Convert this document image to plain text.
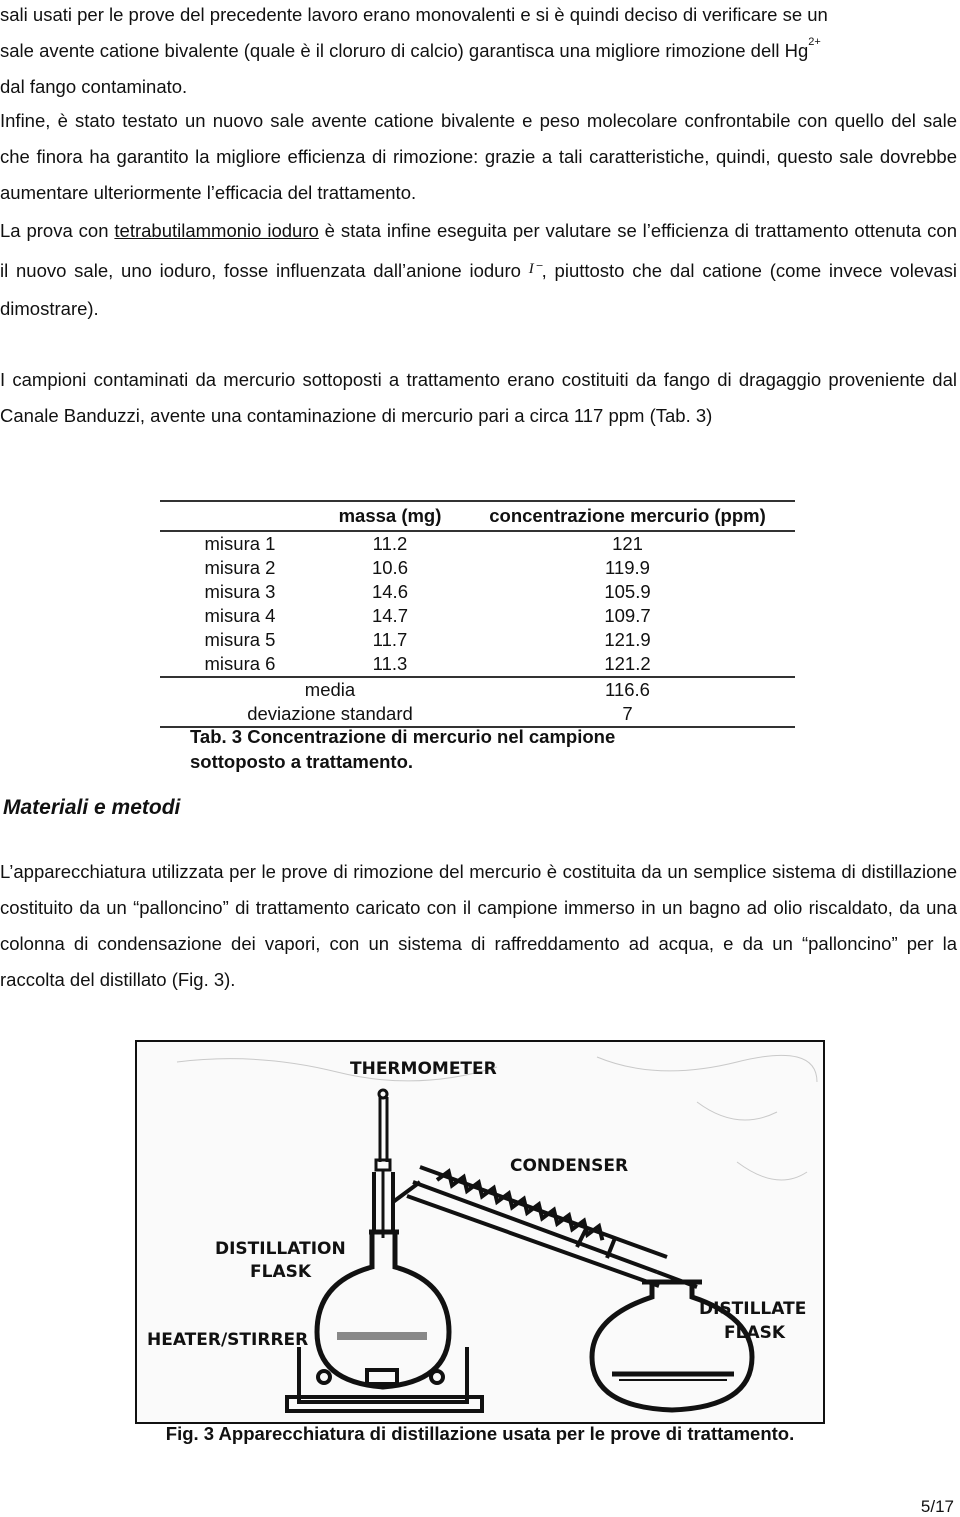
sali usati per le prove del precedente lavoro erano monovalenti e si è quindi deciso di verificare se un
sale avente catione bivalente (quale è il cloruro di calcio) garantisca una migliore rimozione dell $Hg^{2+}$
dal fango contaminato.

Infine, è stato testato un nuovo sale avente catione bivalente e peso molecolare confrontabile con quello del sale che finora ha garantito la migliore efficienza di rimozione: grazie a tali caratteristiche, quindi, questo sale dovrebbe aumentare ulteriormente l’efficacia del trattamento.

La prova con tetrabutilammonio ioduro è stata infine eseguita per valutare se l’efficienza di trattamento ottenuta con il nuovo sale, uno ioduro, fosse influenzata dall’anione ioduro $^{I^-}$, piuttosto che dal catione (come invece volevasi dimostrare).

I campioni contaminati da mercurio sottoposti a trattamento erano costituiti da fango di dragaggio proveniente dal Canale Banduzzi, avente una contaminazione di mercurio pari a circa 117 ppm (Tab. 3)

	massa (mg)	concentrazione mercurio (ppm)
misura 1	11.2	121
misura 2	10.6	119.9
misura 3	14.6	105.9
misura 4	14.7	109.7
misura 5	11.7	121.9
misura 6	11.3	121.2
media		116.6
deviazione standard		7
Tab. 3 Concentrazione di mercurio nel campione
sottoposto a trattamento.
Materiali e metodi

L’apparecchiatura utilizzata per le prove di rimozione del mercurio è costituita da un semplice sistema di distillazione costituito da un “palloncino” di trattamento caricato con il campione immerso in un bagno ad olio riscaldato, da una colonna di condensazione dei vapori, con un sistema di raffreddamento ad acqua, e da un “palloncino” per la raccolta del distillato (Fig. 3).

THERMOMETER
CONDENSER
DISTILLATION
FLASK
HEATER/STIRRER
DISTILLATE
FLASK
Fig. 3 Apparecchiatura di distillazione usata per le prove di trattamento.
5/17
